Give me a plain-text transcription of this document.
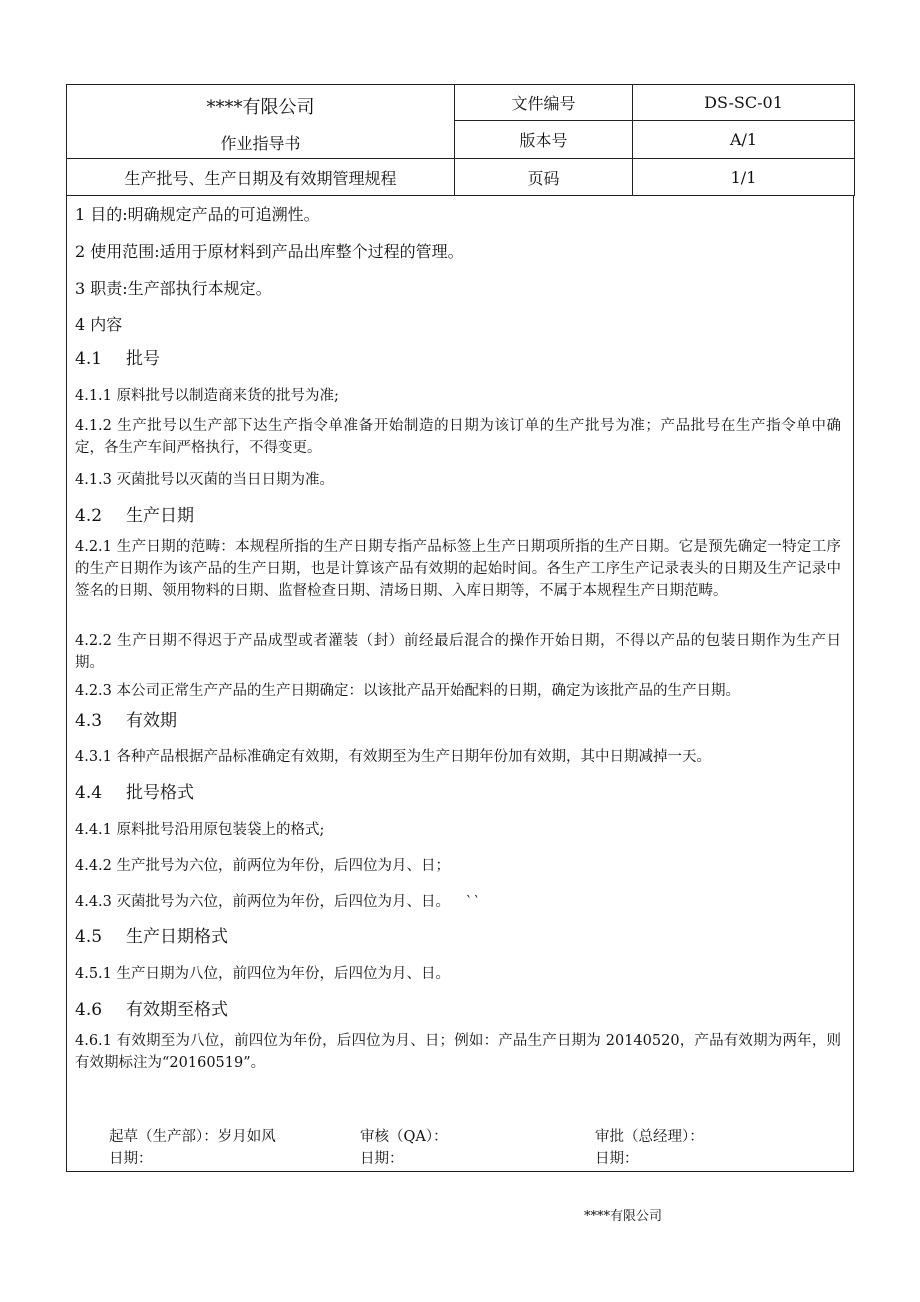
****有限公司
作业指导书	文件编号	DS-SC-01
	版本号	A/1
生产批号、生产日期及有效期管理规程	页码	1/1
1 目的:明确规定产品的可追溯性。
2 使用范围:适用于原材料到产品出库整个过程的管理。
3 职责:生产部执行本规定。
4 内容
4.1 批号
4.1.1 原料批号以制造商来货的批号为准;
4.1.2 生产批号以生产部下达生产指令单准备开始制造的日期为该订单的生产批号为准；产品批号在生产指令单中确定，各生产车间严格执行，不得变更。
4.1.3 灭菌批号以灭菌的当日日期为准。
4.2 生产日期
4.2.1 生产日期的范畴：本规程所指的生产日期专指产品标签上生产日期项所指的生产日期。它是预先确定一特定工序的生产日期作为该产品的生产日期，也是计算该产品有效期的起始时间。各生产工序生产记录表头的日期及生产记录中签名的日期、领用物料的日期、监督检查日期、清场日期、入库日期等，不属于本规程生产日期范畴。
4.2.2 生产日期不得迟于产品成型或者灌装（封）前经最后混合的操作开始日期，不得以产品的包装日期作为生产日期。
4.2.3 本公司正常生产产品的生产日期确定：以该批产品开始配料的日期，确定为该批产品的生产日期。
4.3 有效期
4.3.1 各种产品根据产品标准确定有效期，有效期至为生产日期年份加有效期，其中日期减掉一天。
4.4 批号格式
4.4.1 原料批号沿用原包装袋上的格式;
4.4.2 生产批号为六位，前两位为年份，后四位为月、日；
4.4.3 灭菌批号为六位，前两位为年份，后四位为月、日。 ‵ ‵
4.5 生产日期格式
4.5.1 生产日期为八位，前四位为年份，后四位为月、日。
4.6 有效期至格式
4.6.1 有效期至为八位，前四位为年份，后四位为月、日；例如：产品生产日期为 20140520，产品有效期为两年，则有效期标注为“20160519”。
起草（生产部）：岁月如风
日期：
审核（QA）：
日期：
审批（总经理）：
日期：
****有限公司
